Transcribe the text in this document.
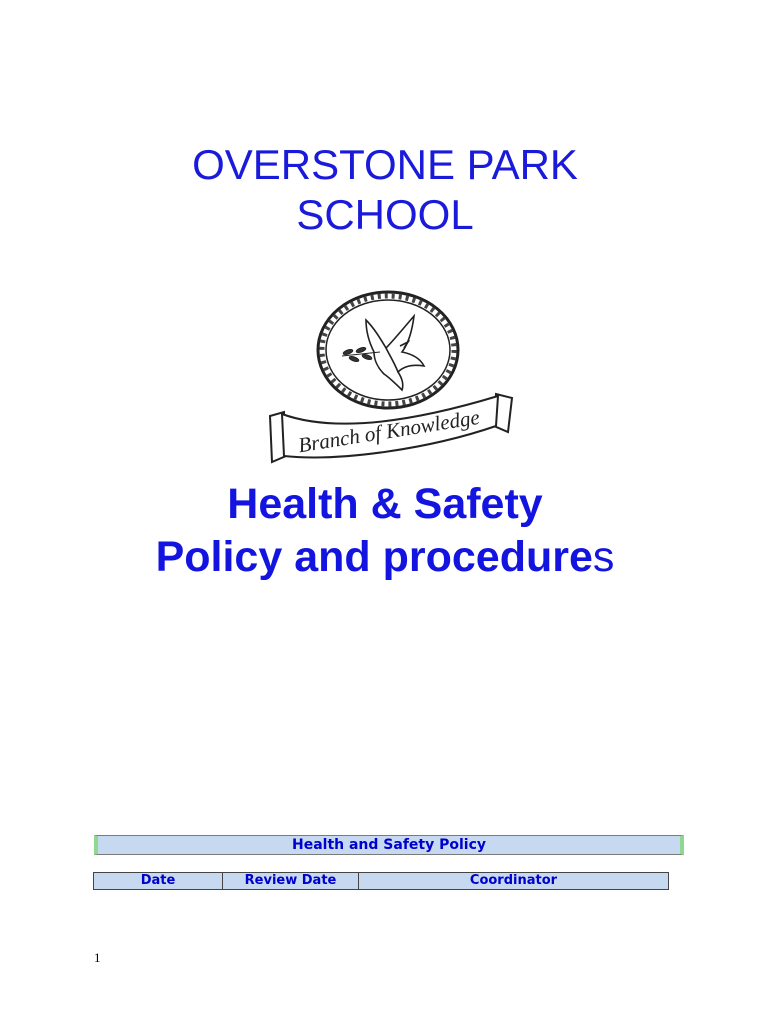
OVERSTONE PARK
SCHOOL
Branch of Knowledge
Health & Safety
Policy and procedures
Health and Safety Policy
Date	Review Date	Coordinator
1
